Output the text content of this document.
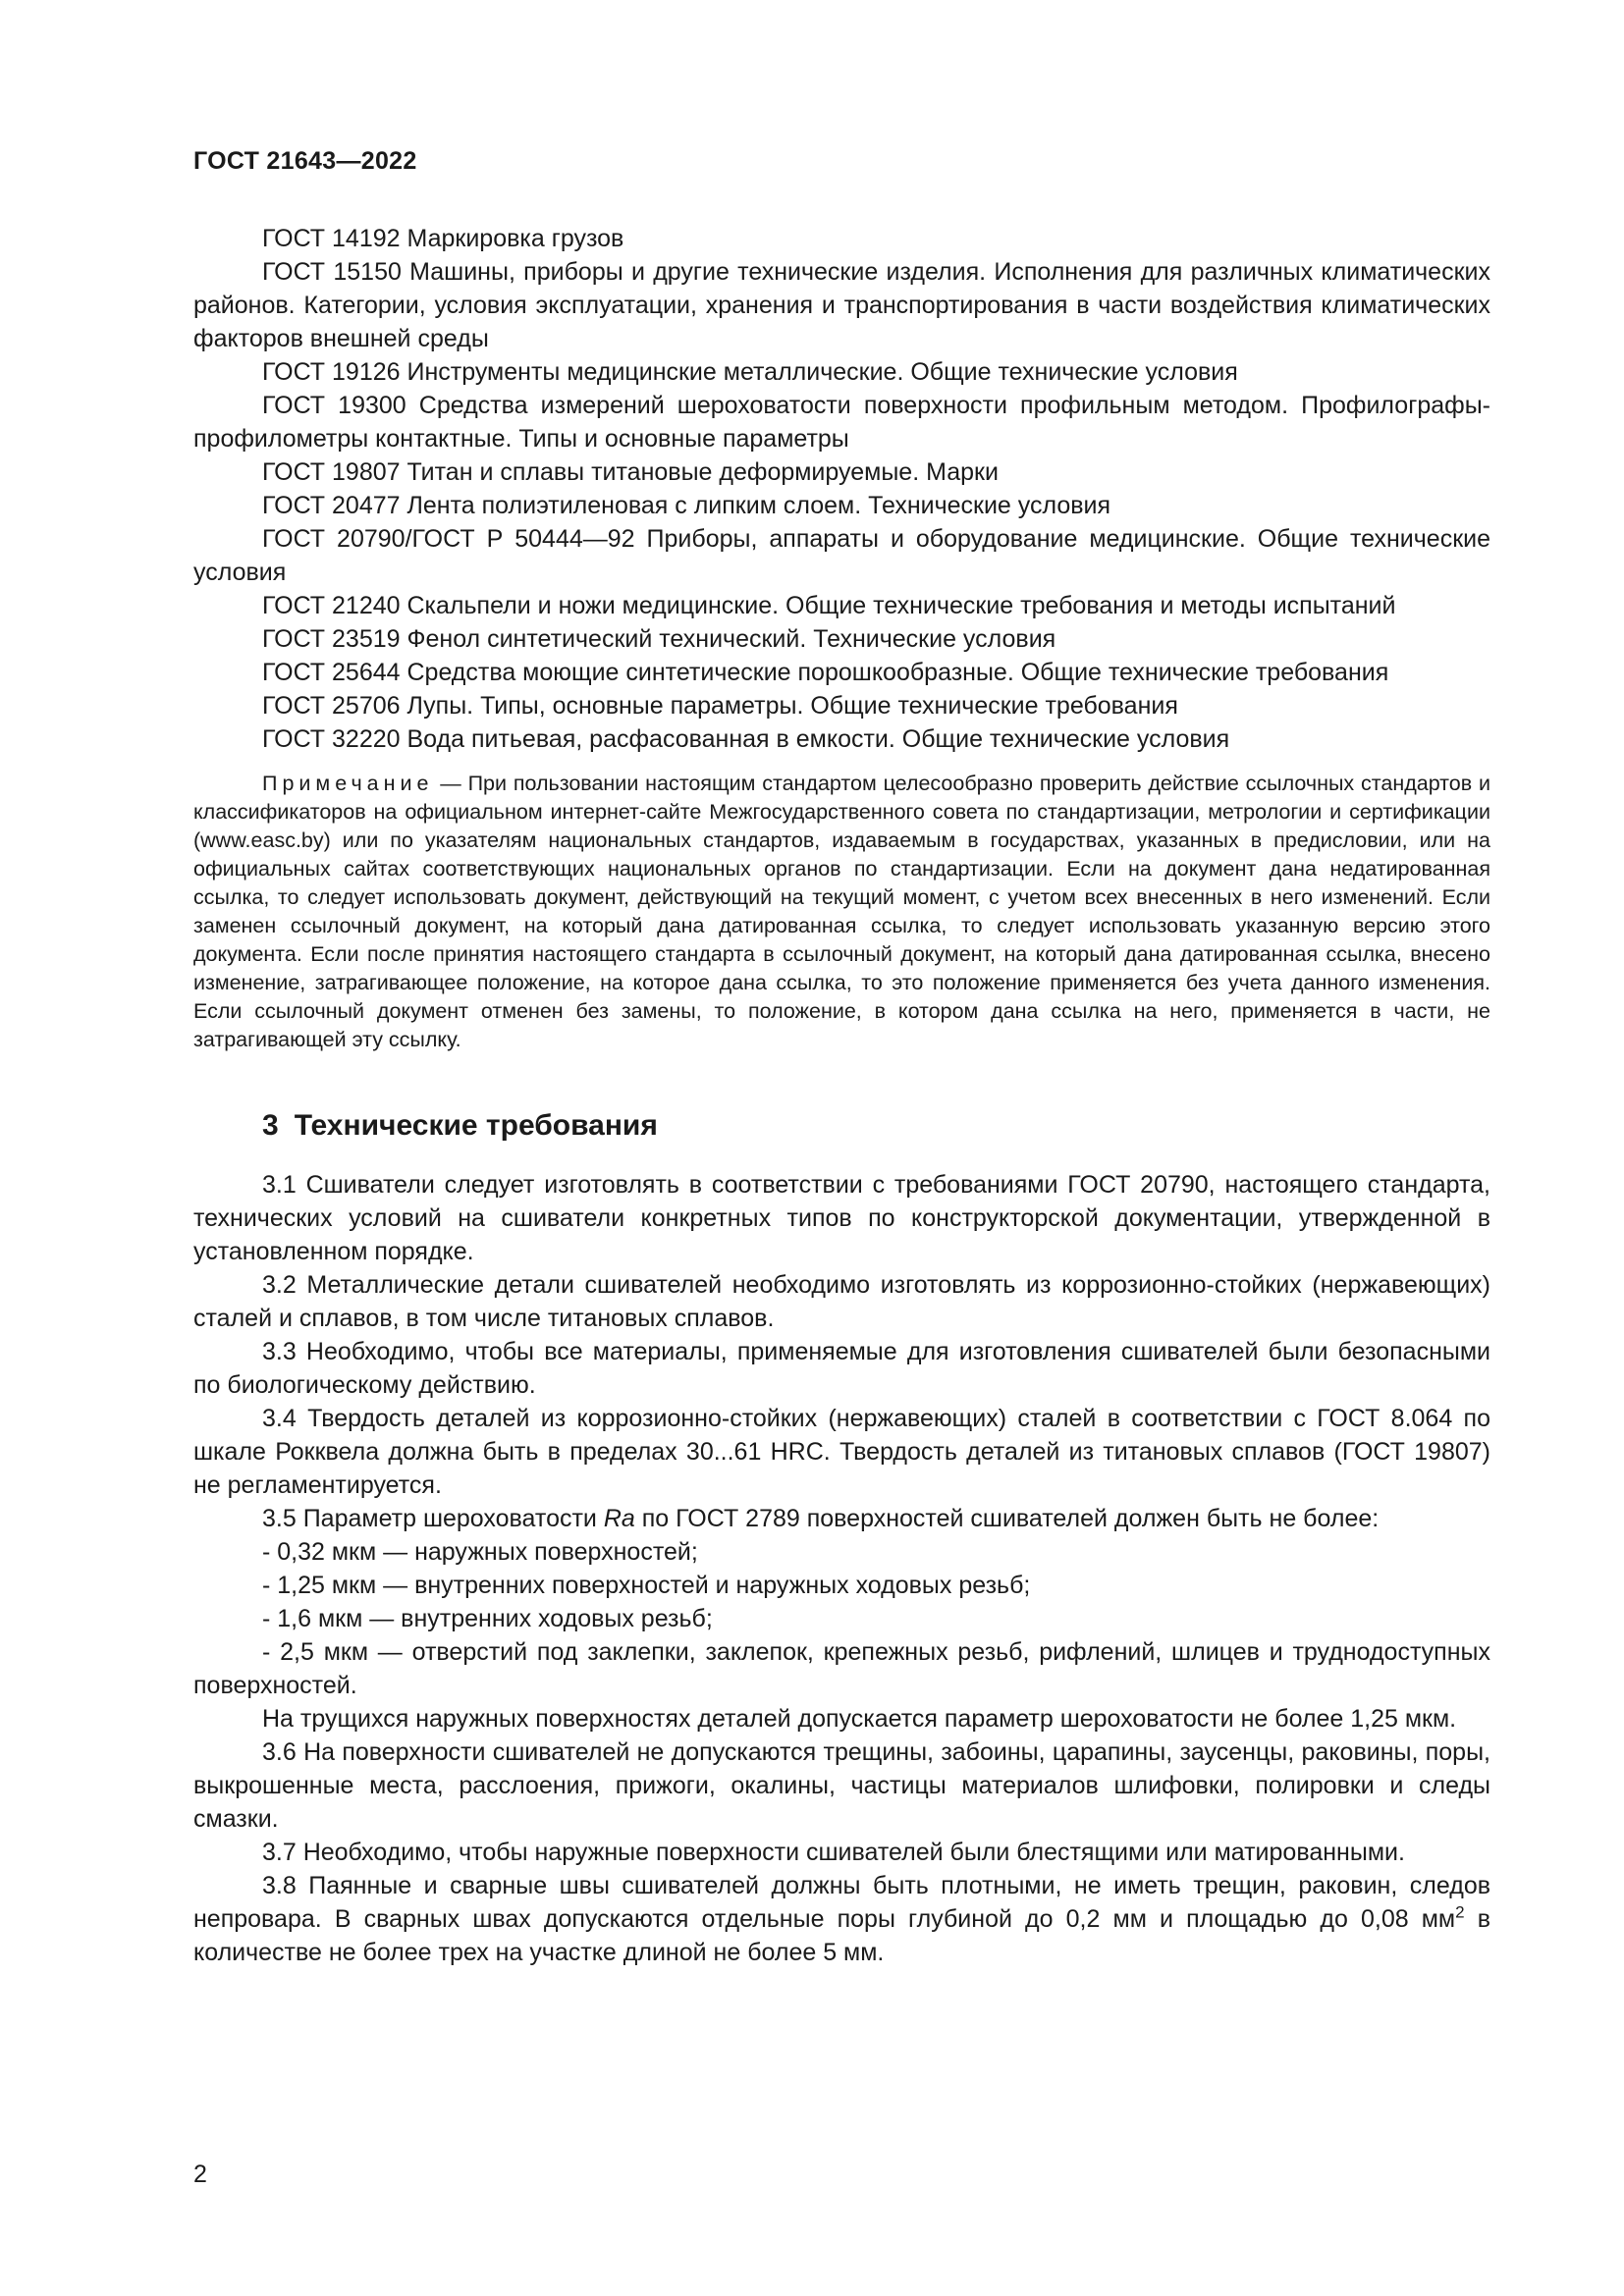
ГОСТ 21643—2022

ГОСТ 14192 Маркировка грузов

ГОСТ 15150 Машины, приборы и другие технические изделия. Исполнения для различных климатических районов. Категории, условия эксплуатации, хранения и транспортирования в части воздействия климатических факторов внешней среды

ГОСТ 19126 Инструменты медицинские металлические. Общие технические условия

ГОСТ 19300 Средства измерений шероховатости поверхности профильным методом. Профилографы-профилометры контактные. Типы и основные параметры

ГОСТ 19807 Титан и сплавы титановые деформируемые. Марки

ГОСТ 20477 Лента полиэтиленовая с липким слоем. Технические условия

ГОСТ 20790/ГОСТ Р 50444—92 Приборы, аппараты и оборудование медицинские. Общие технические условия

ГОСТ 21240 Скальпели и ножи медицинские. Общие технические требования и методы испытаний

ГОСТ 23519 Фенол синтетический технический. Технические условия

ГОСТ 25644 Средства моющие синтетические порошкообразные. Общие технические требования

ГОСТ 25706 Лупы. Типы, основные параметры. Общие технические требования

ГОСТ 32220 Вода питьевая, расфасованная в емкости. Общие технические условия

Примечание — При пользовании настоящим стандартом целесообразно проверить действие ссылочных стандартов и классификаторов на официальном интернет-сайте Межгосударственного совета по стандартизации, метрологии и сертификации (www.easc.by) или по указателям национальных стандартов, издаваемым в государствах, указанных в предисловии, или на официальных сайтах соответствующих национальных органов по стандартизации. Если на документ дана недатированная ссылка, то следует использовать документ, действующий на текущий момент, с учетом всех внесенных в него изменений. Если заменен ссылочный документ, на который дана датированная ссылка, то следует использовать указанную версию этого документа. Если после принятия настоящего стандарта в ссылочный документ, на который дана датированная ссылка, внесено изменение, затрагивающее положение, на которое дана ссылка, то это положение применяется без учета данного изменения. Если ссылочный документ отменен без замены, то положение, в котором дана ссылка на него, применяется в части, не затрагивающей эту ссылку.

3 Технические требования

3.1 Сшиватели следует изготовлять в соответствии с требованиями ГОСТ 20790, настоящего стандарта, технических условий на сшиватели конкретных типов по конструкторской документации, утвержденной в установленном порядке.

3.2 Металлические детали сшивателей необходимо изготовлять из коррозионно-стойких (нержавеющих) сталей и сплавов, в том числе титановых сплавов.

3.3 Необходимо, чтобы все материалы, применяемые для изготовления сшивателей были безопасными по биологическому действию.

3.4 Твердость деталей из коррозионно-стойких (нержавеющих) сталей в соответствии с ГОСТ 8.064 по шкале Рокквела должна быть в пределах 30...61 HRC. Твердость деталей из титановых сплавов (ГОСТ 19807) не регламентируется.

3.5 Параметр шероховатости Ra по ГОСТ 2789 поверхностей сшивателей должен быть не более:

- 0,32 мкм — наружных поверхностей;

- 1,25 мкм — внутренних поверхностей и наружных ходовых резьб;

- 1,6 мкм — внутренних ходовых резьб;

- 2,5 мкм — отверстий под заклепки, заклепок, крепежных резьб, рифлений, шлицев и труднодоступных поверхностей.

На трущихся наружных поверхностях деталей допускается параметр шероховатости не более 1,25 мкм.

3.6 На поверхности сшивателей не допускаются трещины, забоины, царапины, заусенцы, раковины, поры, выкрошенные места, расслоения, прижоги, окалины, частицы материалов шлифовки, полировки и следы смазки.

3.7 Необходимо, чтобы наружные поверхности сшивателей были блестящими или матированными.

3.8 Паянные и сварные швы сшивателей должны быть плотными, не иметь трещин, раковин, следов непровара. В сварных швах допускаются отдельные поры глубиной до 0,2 мм и площадью до 0,08 $мм^2$ в количестве не более трех на участке длиной не более 5 мм.

2
